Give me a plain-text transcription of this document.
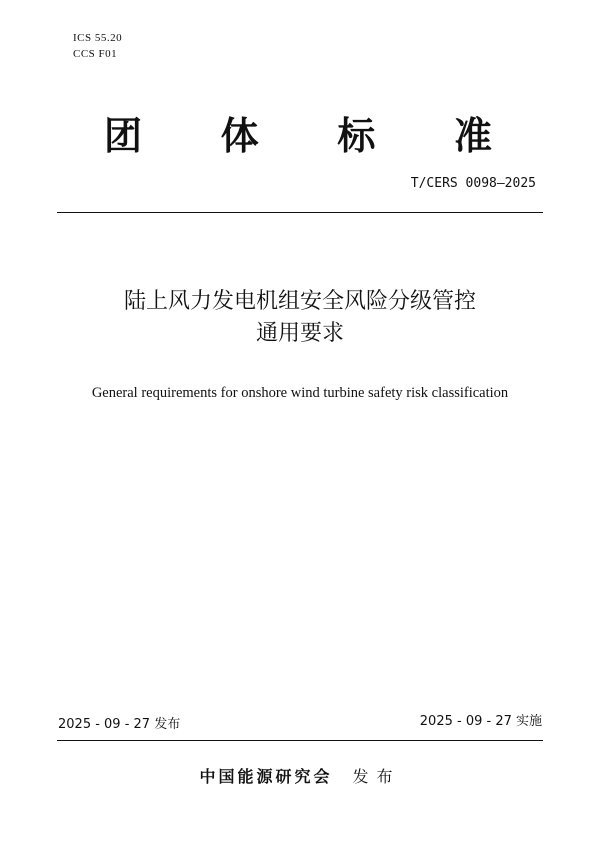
ICS 55.20
CCS F01
团 体 标 准
T/CERS 0098—2025
陆上风力发电机组安全风险分级管控
通用要求
General requirements for onshore wind turbine safety risk classification
2025 - 09 - 27 发布	2025 - 09 - 27 实施
中国能源研究会 发布
